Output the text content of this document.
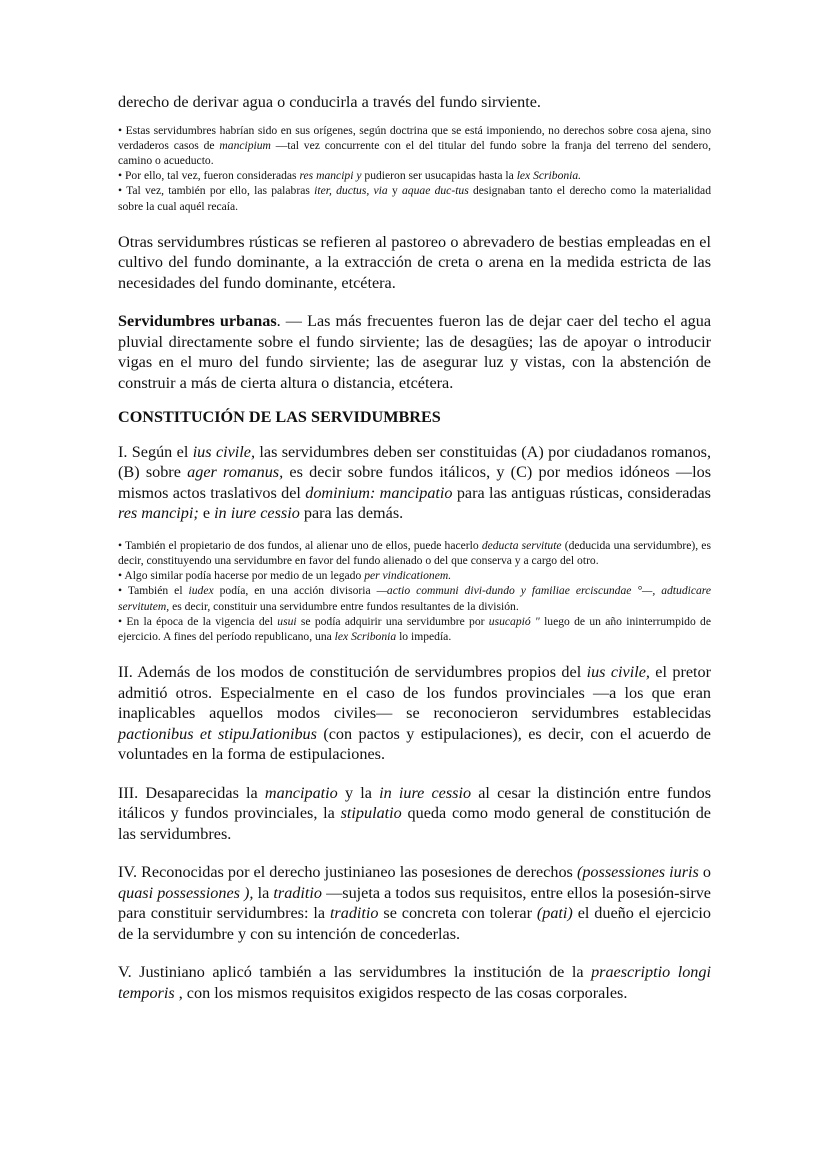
derecho de derivar agua o conducirla a través del fundo sirviente.

• Estas servidumbres habrían sido en sus orígenes, según doctrina que se está imponiendo, no derechos sobre cosa ajena, sino verdaderos casos de mancipium —tal vez concurrente con el del titular del fundo sobre la franja del terreno del sendero, camino o acueducto.

• Por ello, tal vez, fueron consideradas res mancipi y pudieron ser usucapidas hasta la lex Scribonia.

• Tal vez, también por ello, las palabras iter, ductus, via y aquae duc-tus designaban tanto el derecho como la materialidad sobre la cual aquél recaía.

Otras servidumbres rústicas se refieren al pastoreo o abrevadero de bestias empleadas en el cultivo del fundo dominante, a la extracción de creta o arena en la medida estricta de las necesidades del fundo dominante, etcétera.

Servidumbres urbanas. — Las más frecuentes fueron las de dejar caer del techo el agua pluvial directamente sobre el fundo sirviente; las de desagües; las de apoyar o introducir vigas en el muro del fundo sirviente; las de asegurar luz y vistas, con la abstención de construir a más de cierta altura o distancia, etcétera.

CONSTITUCIÓN DE LAS SERVIDUMBRES

I. Según el ius civile, las servidumbres deben ser constituidas (A) por ciudadanos romanos, (B) sobre ager romanus, es decir sobre fundos itálicos, y (C) por medios idóneos —los mismos actos traslativos del dominium: mancipatio para las antiguas rústicas, consideradas res mancipi; e in iure cessio para las demás.

• También el propietario de dos fundos, al alienar uno de ellos, puede hacerlo deducta servitute (deducida una servidumbre), es decir, constituyendo una servidumbre en favor del fundo alienado o del que conserva y a cargo del otro.

• Algo similar podía hacerse por medio de un legado per vindicationem.

• También el iudex podía, en una acción divisoria —actio communi divi-dundo y familiae erciscundae °—, adtudicare servitutem, es decir, constituir una servidumbre entre fundos resultantes de la división.

• En la época de la vigencia del usui se podía adquirir una servidumbre por usucapió " luego de un año ininterrumpido de ejercicio. A fines del período republicano, una lex Scribonia lo impedía.

II. Además de los modos de constitución de servidumbres propios del ius civile, el pretor admitió otros. Especialmente en el caso de los fundos provinciales —a los que eran inaplicables aquellos modos civiles— se reconocieron servidumbres establecidas pactionibus et stipuJationibus (con pactos y estipulaciones), es decir, con el acuerdo de voluntades en la forma de estipulaciones.

III. Desaparecidas la mancipatio y la in iure cessio al cesar la distinción entre fundos itálicos y fundos provinciales, la stipulatio queda como modo general de constitución de las servidumbres.

IV. Reconocidas por el derecho justinianeo las posesiones de derechos (possessiones iuris o quasi possessiones ), la traditio —sujeta a todos sus requisitos, entre ellos la posesión-sirve para constituir servidumbres: la traditio se concreta con tolerar (pati) el dueño el ejercicio de la servidumbre y con su intención de concederlas.

V. Justiniano aplicó también a las servidumbres la institución de la praescriptio longi temporis , con los mismos requisitos exigidos respecto de las cosas corporales.
